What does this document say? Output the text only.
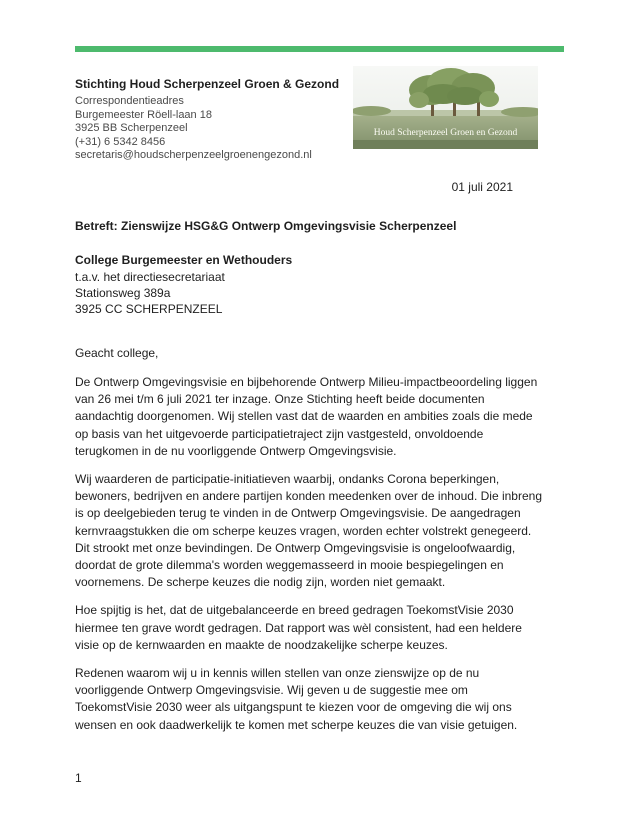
Stichting Houd Scherpenzeel Groen & Gezond
Correspondentieadres
Burgemeester Röell-laan 18
3925 BB Scherpenzeel
(+31) 6 5342 8456
secretaris@houdscherpenzeelgroenengezond.nl
Houd Scherpenzeel Groen en Gezond
01 juli 2021
Betreft: Zienswijze HSG&G Ontwerp Omgevingsvisie Scherpenzeel
College Burgemeester en Wethouders
t.a.v. het directiesecretariaat
Stationsweg 389a
3925 CC SCHERPENZEEL
Geacht college,

De Ontwerp Omgevingsvisie en bijbehorende Ontwerp Milieu-impactbeoordeling liggen van 26 mei t/m 6 juli 2021 ter inzage. Onze Stichting heeft beide documenten aandachtig doorgenomen. Wij stellen vast dat de waarden en ambities zoals die mede op basis van het uitgevoerde participatietraject zijn vastgesteld, onvoldoende terugkomen in de nu voorliggende Ontwerp Omgevingsvisie.

Wij waarderen de participatie-initiatieven waarbij, ondanks Corona beperkingen, bewoners, bedrijven en andere partijen konden meedenken over de inhoud. Die inbreng is op deelgebieden terug te vinden in de Ontwerp Omgevingsvisie. De aangedragen kernvraagstukken die om scherpe keuzes vragen, worden echter volstrekt genegeerd. Dit strookt met onze bevindingen. De Ontwerp Omgevingsvisie is ongeloofwaardig, doordat de grote dilemma's worden weggemasseerd in mooie bespiegelingen en voornemens. De scherpe keuzes die nodig zijn, worden niet gemaakt.

Hoe spijtig is het, dat de uitgebalanceerde en breed gedragen ToekomstVisie 2030 hiermee ten grave wordt gedragen. Dat rapport was wèl consistent, had een heldere visie op de kernwaarden en maakte de noodzakelijke scherpe keuzes.

Redenen waarom wij u in kennis willen stellen van onze zienswijze op de nu voorliggende Ontwerp Omgevingsvisie. Wij geven u de suggestie mee om ToekomstVisie 2030 weer als uitgangspunt te kiezen voor de omgeving die wij ons wensen en ook daadwerkelijk te komen met scherpe keuzes die van visie getuigen.

1
